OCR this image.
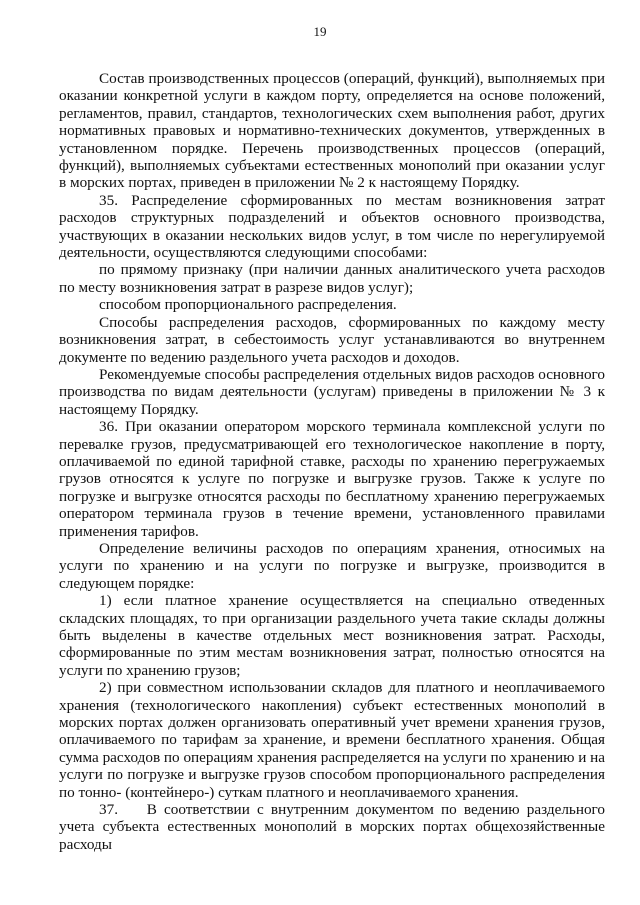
19

Состав производственных процессов (операций, функций), выполняемых при оказании конкретной услуги в каждом порту, определяется на основе положений, регламентов, правил, стандартов, технологических схем выполнения работ, других нормативных правовых и нормативно-технических документов, утвержденных в установленном порядке. Перечень производственных процессов (операций, функций), выполняемых субъектами естественных монополий при оказании услуг в морских портах, приведен в приложении № 2 к настоящему Порядку.

35. Распределение сформированных по местам возникновения затрат расходов структурных подразделений и объектов основного производства, участвующих в оказании нескольких видов услуг, в том числе по нерегулируемой деятельности, осуществляются следующими способами:

по прямому признаку (при наличии данных аналитического учета расходов по месту возникновения затрат в разрезе видов услуг);

способом пропорционального распределения.

Способы распределения расходов, сформированных по каждому месту возникновения затрат, в себестоимость услуг устанавливаются во внутреннем документе по ведению раздельного учета расходов и доходов.

Рекомендуемые способы распределения отдельных видов расходов основного производства по видам деятельности (услугам) приведены в приложении № 3 к настоящему Порядку.

36. При оказании оператором морского терминала комплексной услуги по перевалке грузов, предусматривающей его технологическое накопление в порту, оплачиваемой по единой тарифной ставке, расходы по хранению перегружаемых грузов относятся к услуге по погрузке и выгрузке грузов. Также к услуге по погрузке и выгрузке относятся расходы по бесплатному хранению перегружаемых оператором терминала грузов в течение времени, установленного правилами применения тарифов.

Определение величины расходов по операциям хранения, относимых на услуги по хранению и на услуги по погрузке и выгрузке, производится в следующем порядке:

1) если платное хранение осуществляется на специально отведенных складских площадях, то при организации раздельного учета такие склады должны быть выделены в качестве отдельных мест возникновения затрат. Расходы, сформированные по этим местам возникновения затрат, полностью относятся на услуги по хранению грузов;

2) при совместном использовании складов для платного и неоплачиваемого хранения (технологического накопления) субъект естественных монополий в морских портах должен организовать оперативный учет времени хранения грузов, оплачиваемого по тарифам за хранение, и времени бесплатного хранения. Общая сумма расходов по операциям хранения распределяется на услуги по хранению и на услуги по погрузке и выгрузке грузов способом пропорционального распределения по тонно- (контейнеро-) суткам платного и неоплачиваемого хранения.

37.    В соответствии с внутренним документом по ведению раздельного учета субъекта естественных монополий в морских портах общехозяйственные расходы
